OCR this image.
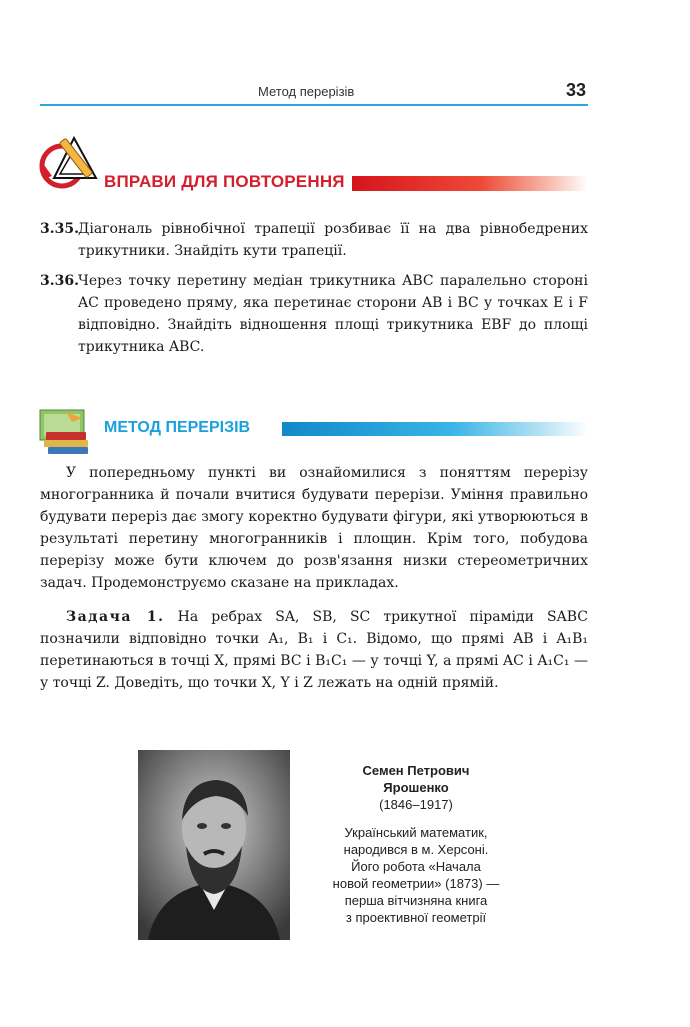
Метод перерізів	33
ВПРАВИ ДЛЯ ПОВТОРЕННЯ
3.35. Діагональ рівнобічної трапеції розбиває її на два рівнобедрених трикутники. Знайдіть кути трапеції.
3.36. Через точку перетину медіан трикутника ABC паралельно стороні AC проведено пряму, яка перетинає сторони AB і BC у точках E і F відповідно. Знайдіть відношення площі трикутника EBF до площі трикутника ABC.
МЕТОД ПЕРЕРІЗІВ
У попередньому пункті ви ознайомилися з поняттям перерізу многогранника й почали вчитися будувати перерізи. Уміння правильно будувати переріз дає змогу коректно будувати фігури, які утворюються в результаті перетину многогранників і площин. Крім того, побудова перерізу може бути ключем до розв'язання низки стереометричних задач. Продемонструємо сказане на прикладах.
Задача 1. На ребрах SA, SB, SC трикутної піраміди SABC позначили відповідно точки A₁, B₁ і C₁. Відомо, що прямі AB і A₁B₁ перетинаються в точці X, прямі BC і B₁C₁ — у точці Y, а прямі AC і A₁C₁ — у точці Z. Доведіть, що точки X, Y і Z лежать на одній прямій.
Семен Петрович
Ярошенко
(1846–1917)
Український математик,
народився в м. Херсоні.
Його робота «Начала
новой геометрии» (1873) —
перша вітчизняна книга
з проективної геометрії
